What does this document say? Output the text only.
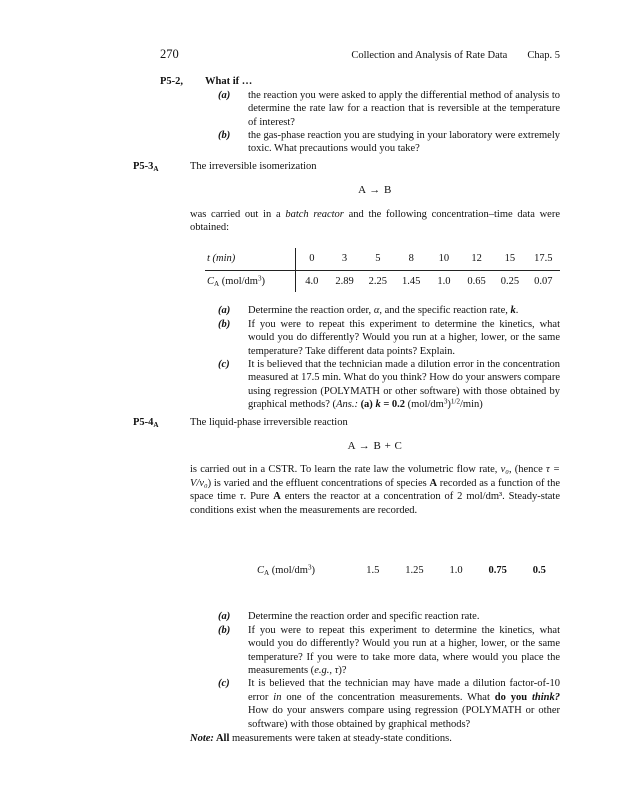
270	Collection and Analysis of Rate Data Chap. 5
P5-2,	What if …
(a)	the reaction you were asked to apply the differential method of analysis to determine the rate law for a reaction that is reversible at the temperature of interest?
(b)	the gas-phase reaction you are studying in your laboratory were extremely toxic. What precautions would you take?
$P5-3_A$	The irreversible isomerization
A → B
was carried out in a batch reactor and the following concentration–time data were obtained:
t (min)	0	3	5	8	10	12	15	17.5
$C_A$ $(mol/dm^3)$	4.0	2.89	2.25	1.45	1.0	0.65	0.25	0.07
(a)	Determine the reaction order, α, and the specific reaction rate, k.
(b)	If you were to repeat this experiment to determine the kinetics, what would you do differently? Would you run at a higher, lower, or the same temperature? Take different data points? Explain.
(c)	It is believed that the technician made a dilution error in the concentration measured at 17.5 min. What do you think? How do your answers compare using regression (POLYMATH or other software) with those obtained by graphical methods? (Ans.: (a) k = 0.2 $(mol/dm^3)^{1/2}/\min$)
$P5-4_A$	The liquid-phase irreversible reaction
A → B + C
is carried out in a CSTR. To learn the rate law the volumetric flow rate, v₀, (hence τ = V/v₀) is varied and the effluent concentrations of species A recorded as a function of the space time τ. Pure A enters the reactor at a concentration of 2 mol/dm³. Steady-state conditions exist when the measurements are recorded.
$C_A$ $(mol/dm^3)$	1.5	1.25	1.0	0.75	0.5
(a)	Determine the reaction order and specific reaction rate.
(b)	If you were to repeat this experiment to determine the kinetics, what would you do differently? Would you run at a higher, lower, or the same temperature? If you were to take more data, where would you place the measurements (e.g., τ)?
(c)	It is believed that the technician may have made a dilution factor-of-10 error in one of the concentration measurements. What do you think? How do your answers compare using regression (POLYMATH or other software) with those obtained by graphical methods?
Note: All measurements were taken at steady-state conditions.
